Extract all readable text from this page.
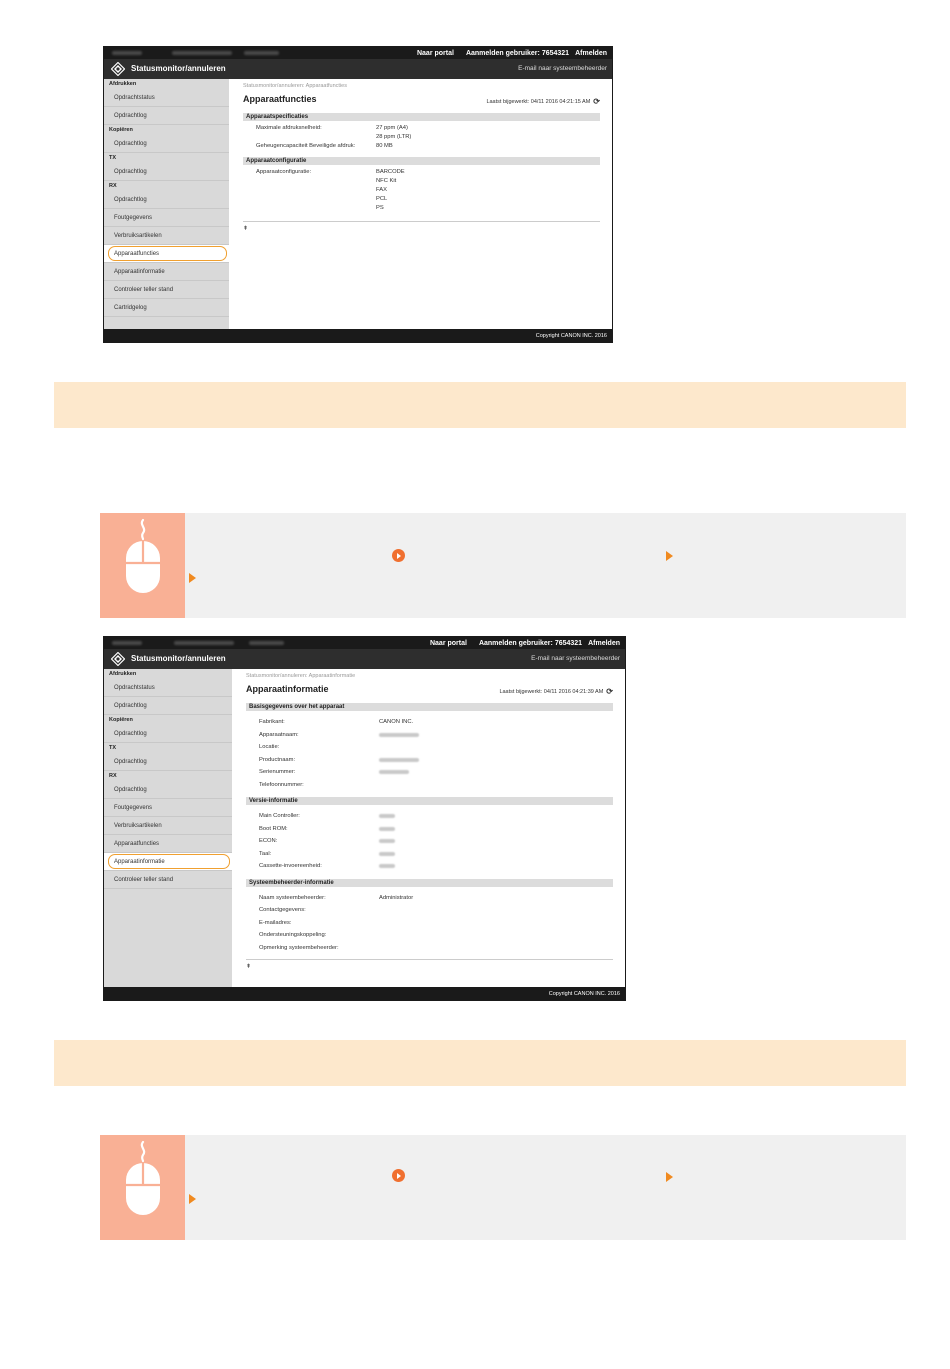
Naar portal Aanmelden gebruiker: 7654321 Afmelden
Statusmonitor/annuleren	E-mail naar systeembeheerder
Afdrukken
Opdrachtstatus
Opdrachtlog
Kopiëren
Opdrachtlog
TX
Opdrachtlog
RX
Opdrachtlog
Foutgegevens
Verbruiksartikelen
Apparaatfuncties
Apparaatinformatie
Controleer teller stand
Cartridgelog
Statusmonitor/annuleren: Apparaatfuncties
Apparaatfuncties	Laatst bijgewerkt: 04/11 2016 04:21:15 AM ⟳
Apparaatspecificaties
Maximale afdruksnelheid:	27 ppm (A4)
28 ppm (LTR)
Geheugencapaciteit Beveiligde afdruk:	80 MB
Apparaatconfiguratie
Apparaatconfiguratie:	BARCODE
NFC Kit
FAX
PCL
PS
⇞
Copyright CANON INC. 2016
Naar portal Aanmelden gebruiker: 7654321 Afmelden
Statusmonitor/annuleren	E-mail naar systeembeheerder
Afdrukken
Opdrachtstatus
Opdrachtlog
Kopiëren
Opdrachtlog
TX
Opdrachtlog
RX
Opdrachtlog
Foutgegevens
Verbruiksartikelen
Apparaatfuncties
Apparaatinformatie
Controleer teller stand
Statusmonitor/annuleren: Apparaatinformatie
Apparaatinformatie	Laatst bijgewerkt: 04/11 2016 04:21:39 AM ⟳
Basisgegevens over het apparaat
Fabrikant:	CANON INC.
Apparaatnaam:
Locatie:
Productnaam:
Serienummer:
Telefoonnummer:
Versie-informatie
Main Controller:
Boot ROM:
ECON:
Taal:
Cassette-invoereenheid:
Systeembeheerder-informatie
Naam systeembeheerder:	Administrator
Contactgegevens:
E-mailadres:
Ondersteuningskoppeling:
Opmerking systeembeheerder:
⇞
Copyright CANON INC. 2016
